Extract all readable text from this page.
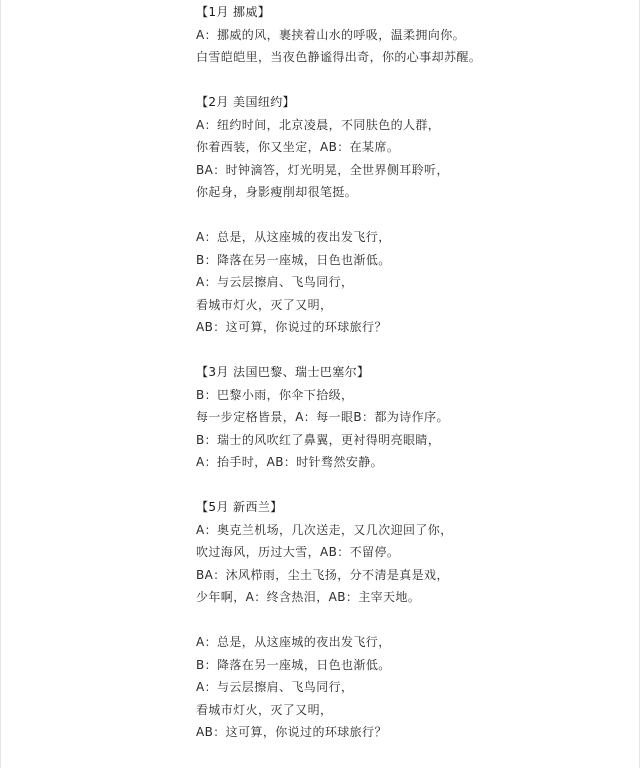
【1月 挪威】
A：挪威的风，裹挟着山水的呼吸，温柔拥向你。
白雪皑皑里，当夜色静谧得出奇，你的心事却苏醒。
【2月 美国纽约】
A：纽约时间，北京凌晨，不同肤色的人群，
你着西装，你又坐定，AB：在某席。
BA：时钟滴答，灯光明晃，全世界侧耳聆听，
你起身，身影瘦削却很笔挺。
A：总是，从这座城的夜出发飞行，
B：降落在另一座城，日色也渐低。
A：与云层擦肩、飞鸟同行，
看城市灯火，灭了又明，
AB：这可算，你说过的环球旅行？
【3月 法国巴黎、瑞士巴塞尔】
B：巴黎小雨，你伞下拾级，
每一步定格皆景，A：每一眼B：都为诗作序。
B：瑞士的风吹红了鼻翼，更衬得明亮眼睛，
A：抬手时，AB：时针骛然安静。
【5月 新西兰】
A：奥克兰机场，几次送走，又几次迎回了你，
吹过海风，历过大雪，AB：不留停。
BA：沐风栉雨，尘土飞扬，分不清是真是戏，
少年啊，A：终含热泪，AB：主宰天地。
A：总是，从这座城的夜出发飞行，
B：降落在另一座城，日色也渐低。
A：与云层擦肩、飞鸟同行，
看城市灯火，灭了又明，
AB：这可算，你说过的环球旅行？
